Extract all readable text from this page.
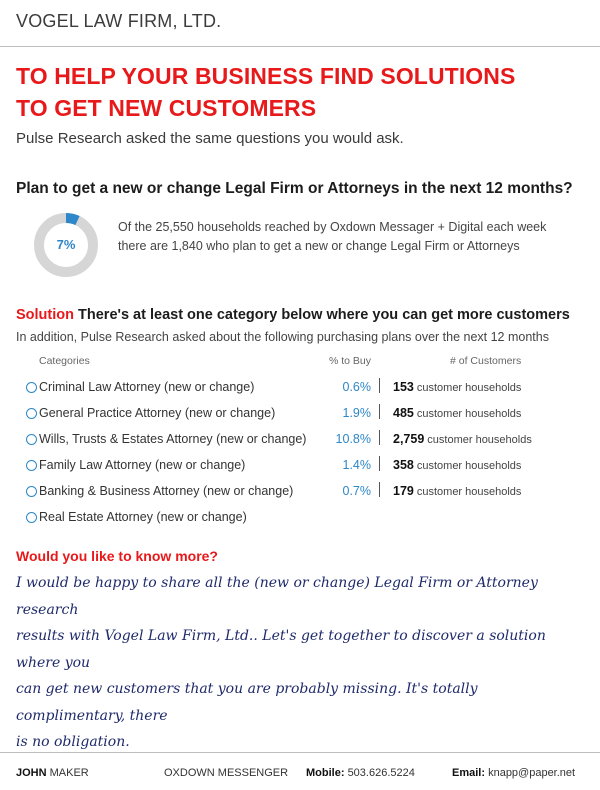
VOGEL LAW FIRM, LTD.
TO HELP YOUR BUSINESS FIND SOLUTIONS
TO GET NEW CUSTOMERS
Pulse Research asked the same questions you would ask.
Plan to get a new or change Legal Firm or Attorneys in the next 12 months?
7%
Of the 25,550 households reached by Oxdown Messager + Digital each week
there are 1,840 who plan to get a new or change Legal Firm or Attorneys
Solution There's at least one category below where you can get more customers
In addition, Pulse Research asked about the following purchasing plans over the next 12 months
Categories	% to Buy	# of Customers
Criminal Law Attorney (new or change)	0.6% 153 customer households
General Practice Attorney (new or change)	1.9% 485 customer households
Wills, Trusts & Estates Attorney (new or change) 10.8% 2,759 customer households
Family Law Attorney (new or change)	1.4% 358 customer households
Banking & Business Attorney (new or change)	0.7% 179 customer households
Real Estate Attorney (new or change)
Would you like to know more?
I would be happy to share all the (new or change) Legal Firm or Attorney research
results with Vogel Law Firm, Ltd.. Let's get together to discover a solution where you
can get new customers that you are probably missing. It's totally complimentary, there
is no obligation.
JOHN MAKER	OXDOWN MESSENGER Mobile: 503.626.5224	Email: knapp@paper.net
